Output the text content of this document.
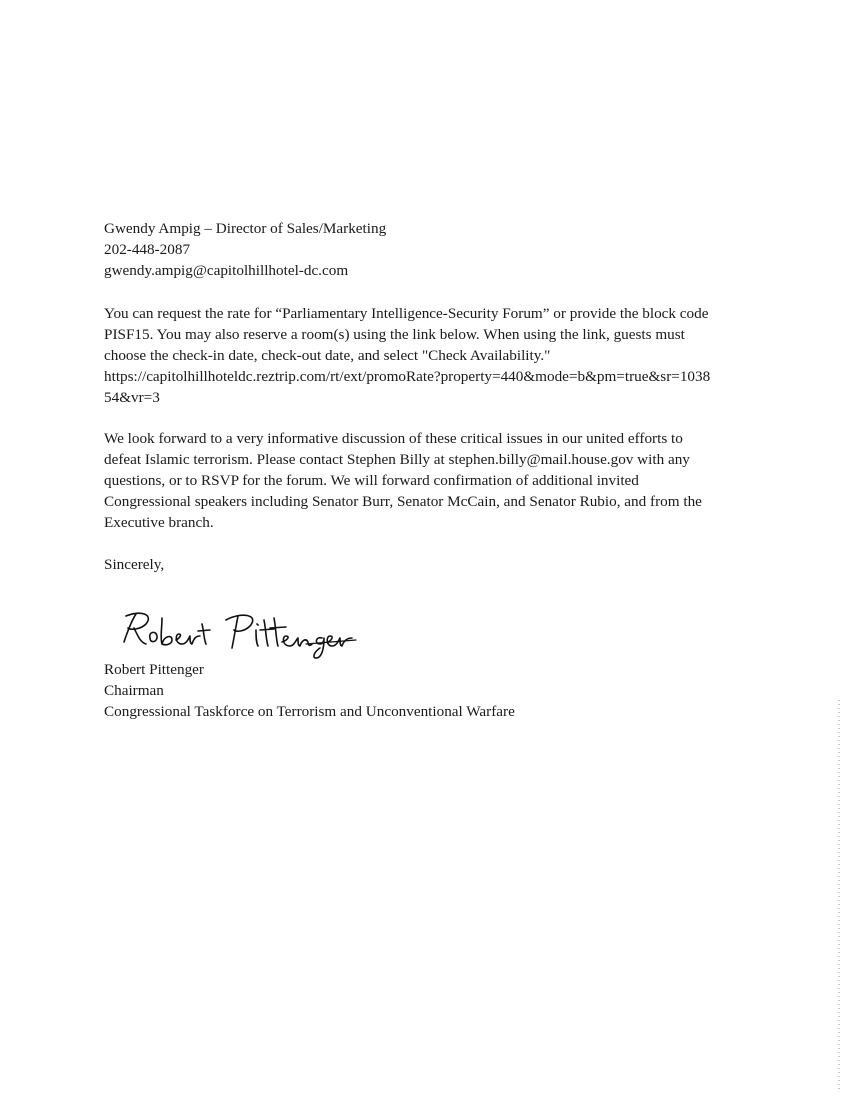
Gwendy Ampig – Director of Sales/Marketing
202-448-2087
gwendy.ampig@capitolhillhotel-dc.com
You can request the rate for “Parliamentary Intelligence-Security Forum” or provide the block code
PISF15. You may also reserve a room(s) using the link below. When using the link, guests must
choose the check-in date, check-out date, and select "Check Availability."
https://capitolhillhoteldc.reztrip.com/rt/ext/promoRate?property=440&mode=b&pm=true&sr=1038
54&vr=3
We look forward to a very informative discussion of these critical issues in our united efforts to
defeat Islamic terrorism. Please contact Stephen Billy at stephen.billy@mail.house.gov with any
questions, or to RSVP for the forum. We will forward confirmation of additional invited
Congressional speakers including Senator Burr, Senator McCain, and Senator Rubio, and from the
Executive branch.
Sincerely,
Robert Pittenger
Chairman
Congressional Taskforce on Terrorism and Unconventional Warfare
